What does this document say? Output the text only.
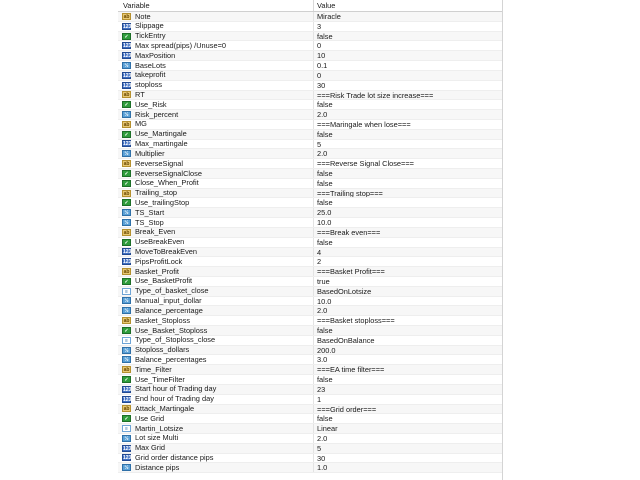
Variable	Value
ab Note	Miracle
123 Slippage	3
✓ TickEntry	false
123 Max spread(pips) /Unuse=0	0
123 MaxPosition	10
½ BaseLots	0.1
123 takeprofit	0
123 stoploss	30
ab RT	===Risk Trade lot size increase===
✓ Use_Risk	false
½ Risk_percent	2.0
ab MG	===Maringale when lose===
✓ Use_Martingale	false
123 Max_martingale	5
½ Multiplier	2.0
ab ReverseSignal	===Reverse Signal Close===
✓ ReverseSignalClose	false
✓ Close_When_Profit	false
ab Trailing_stop	===Trailing stop===
✓ Use_trailingStop	false
½ TS_Start	25.0
½ TS_Stop	10.0
ab Break_Even	===Break even===
✓ UseBreakEven	false
123 MoveToBreakEven	4
123 PipsProfitLock	2
ab Basket_Profit	===Basket Profit===
✓ Use_BasketProfit	true
≡ Type_of_basket_close	BasedOnLotsize
½ Manual_input_dollar	10.0
½ Balance_percentage	2.0
ab Basket_Stoploss	===Basket stoploss===
✓ Use_Basket_Stoploss	false
≡ Type_of_Stoploss_close	BasedOnBalance
½ Stoploss_dollars	200.0
½ Balance_percentages	3.0
ab Time_Filter	===EA time filter===
✓ Use_TimeFilter	false
123 Start hour of Trading day	23
123 End hour of Trading day	1
ab Attack_Martingale	===Grid order===
✓ Use Grid	false
≡ Martin_Lotsize	Linear
½ Lot size Multi	2.0
123 Max Grid	5
123 Grid order distance pips	30
½ Distance pips	1.0
